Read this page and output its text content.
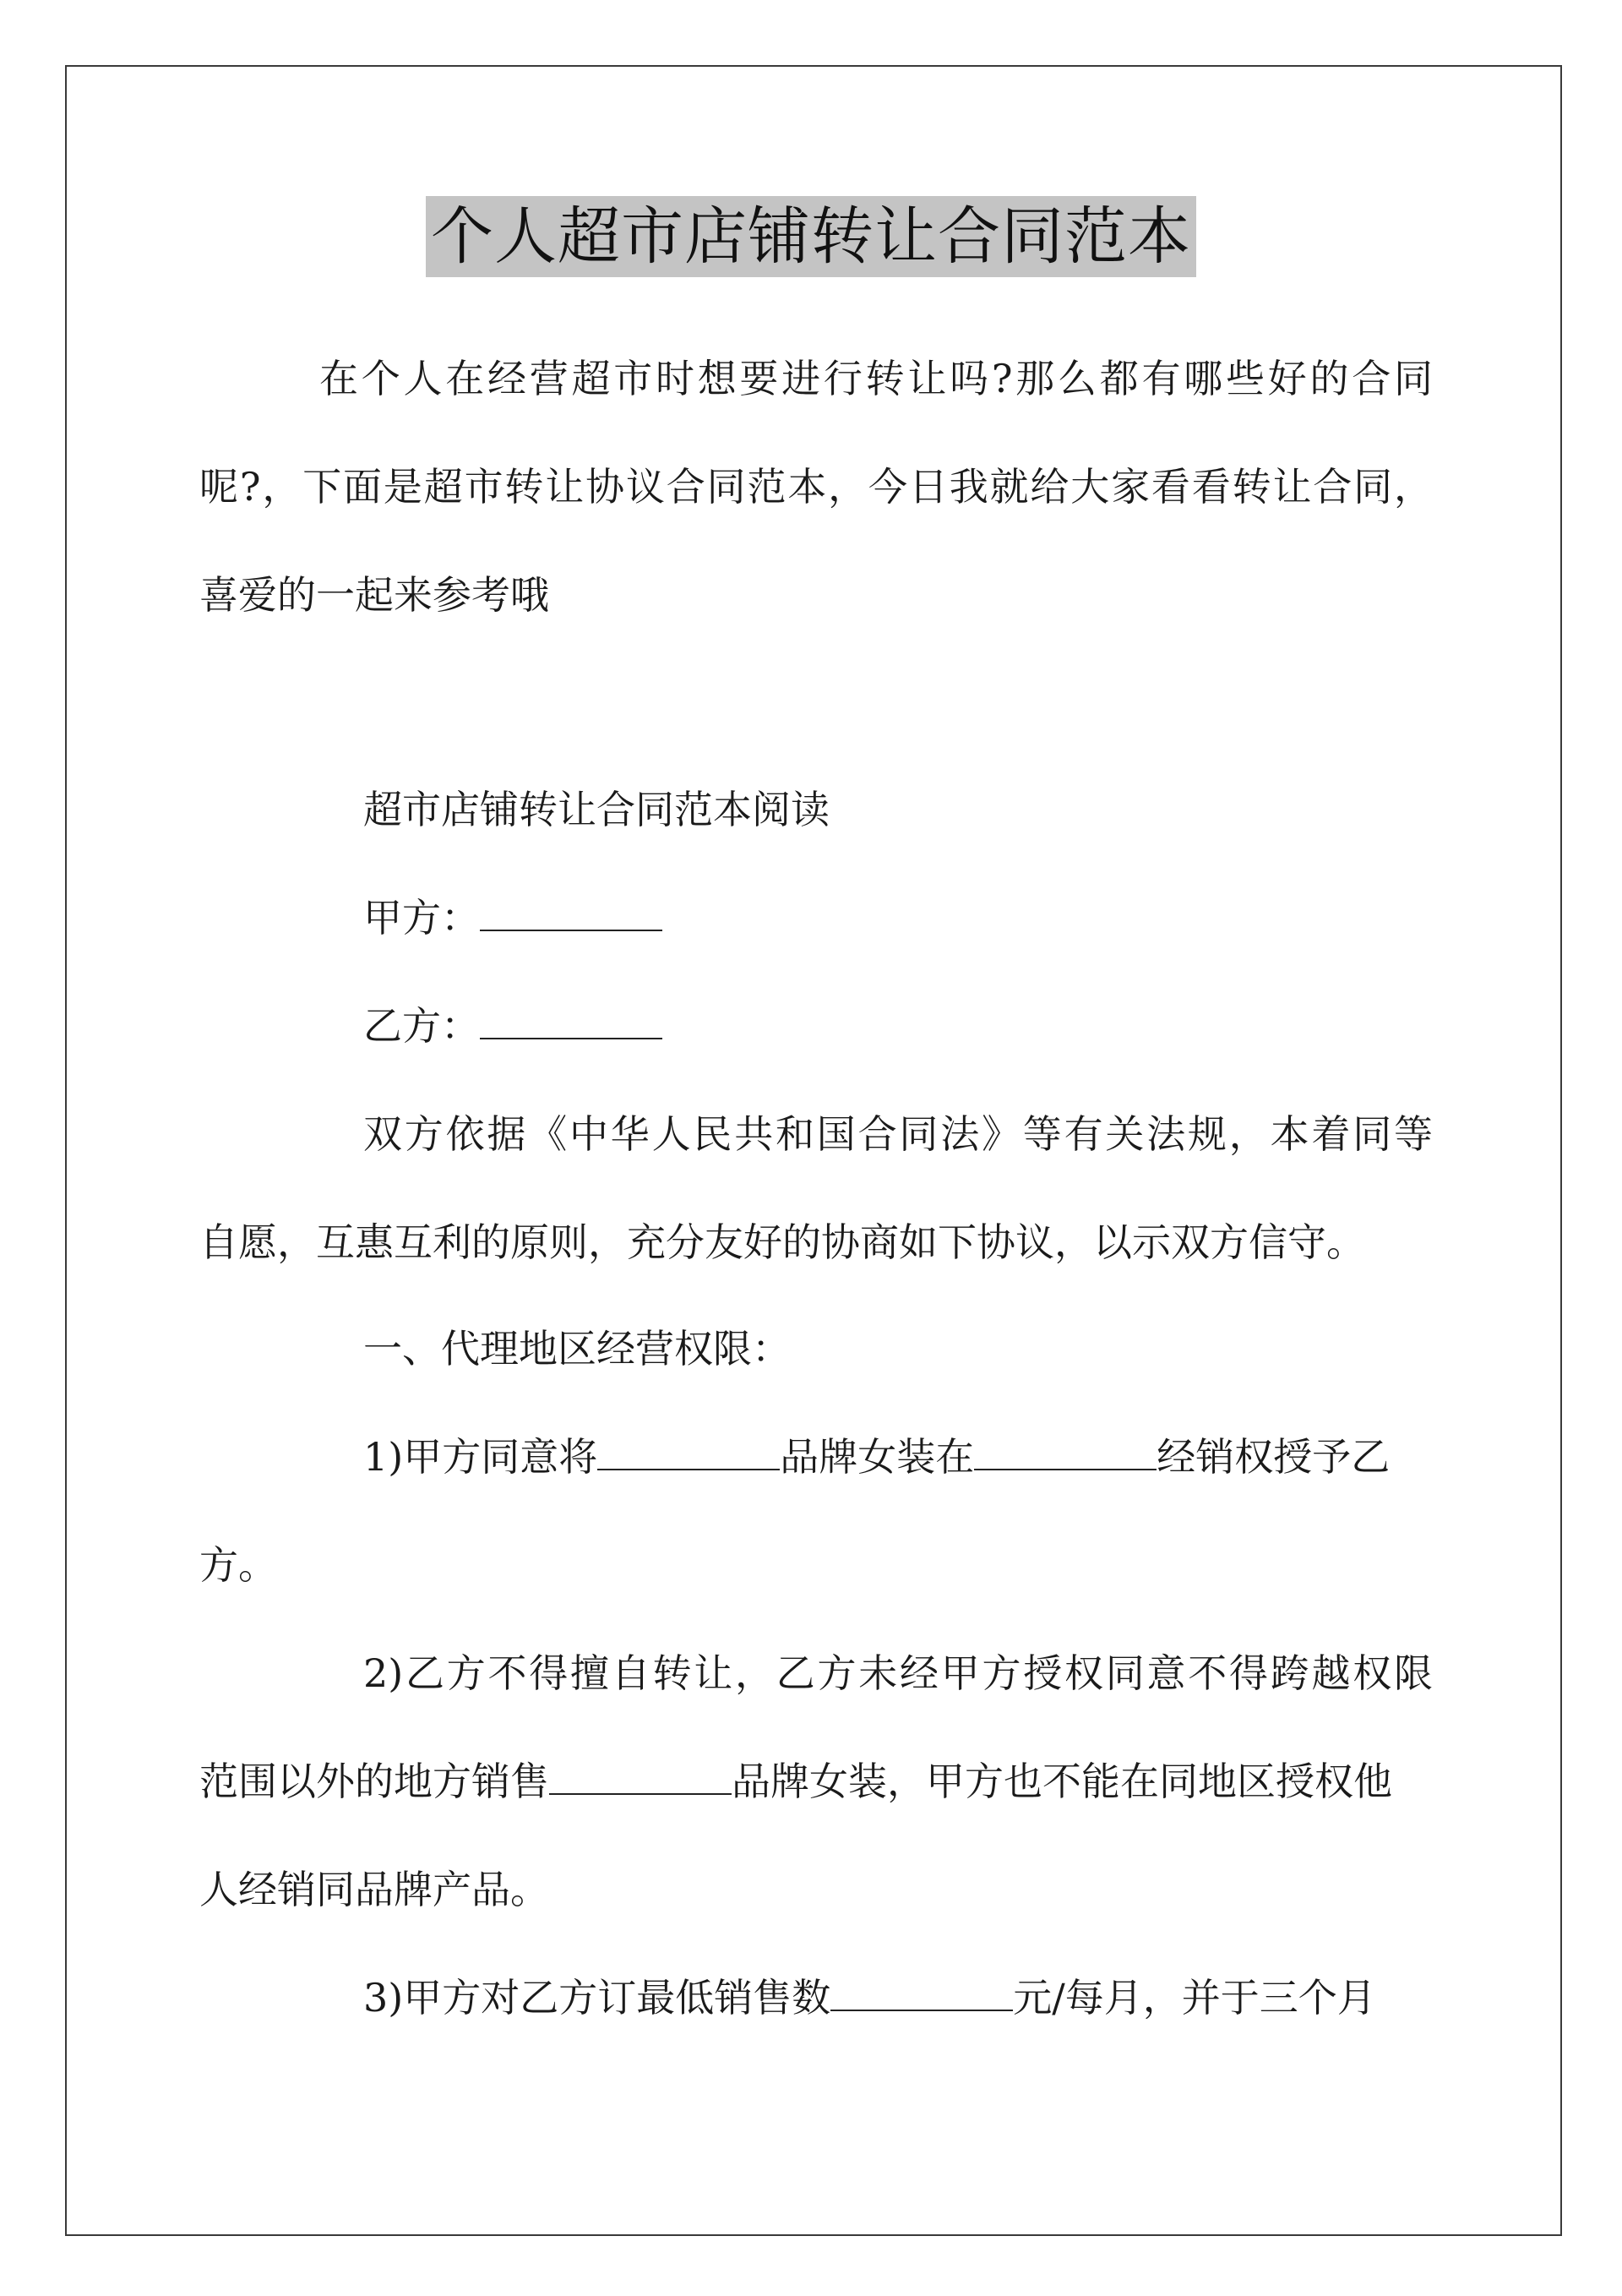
个人超市店铺转让合同范本
在个人在经营超市时想要进行转让吗?那么都有哪些好的合同
呢?，下面是超市转让协议合同范本，今日我就给大家看看转让合同，
喜爱的一起来参考哦
超市店铺转让合同范本阅读
甲方：
乙方：
双方依据《中华人民共和国合同法》等有关法规，本着同等
自愿，互惠互利的原则，充分友好的协商如下协议，以示双方信守。
一、代理地区经营权限：
1)甲方同意将	品牌女装在	经销权授予乙
方。
2)乙方不得擅自转让，乙方未经甲方授权同意不得跨越权限
范围以外的地方销售	品牌女装，甲方也不能在同地区授权他
人经销同品牌产品。
3)甲方对乙方订最低销售数	元/每月，并于三个月
